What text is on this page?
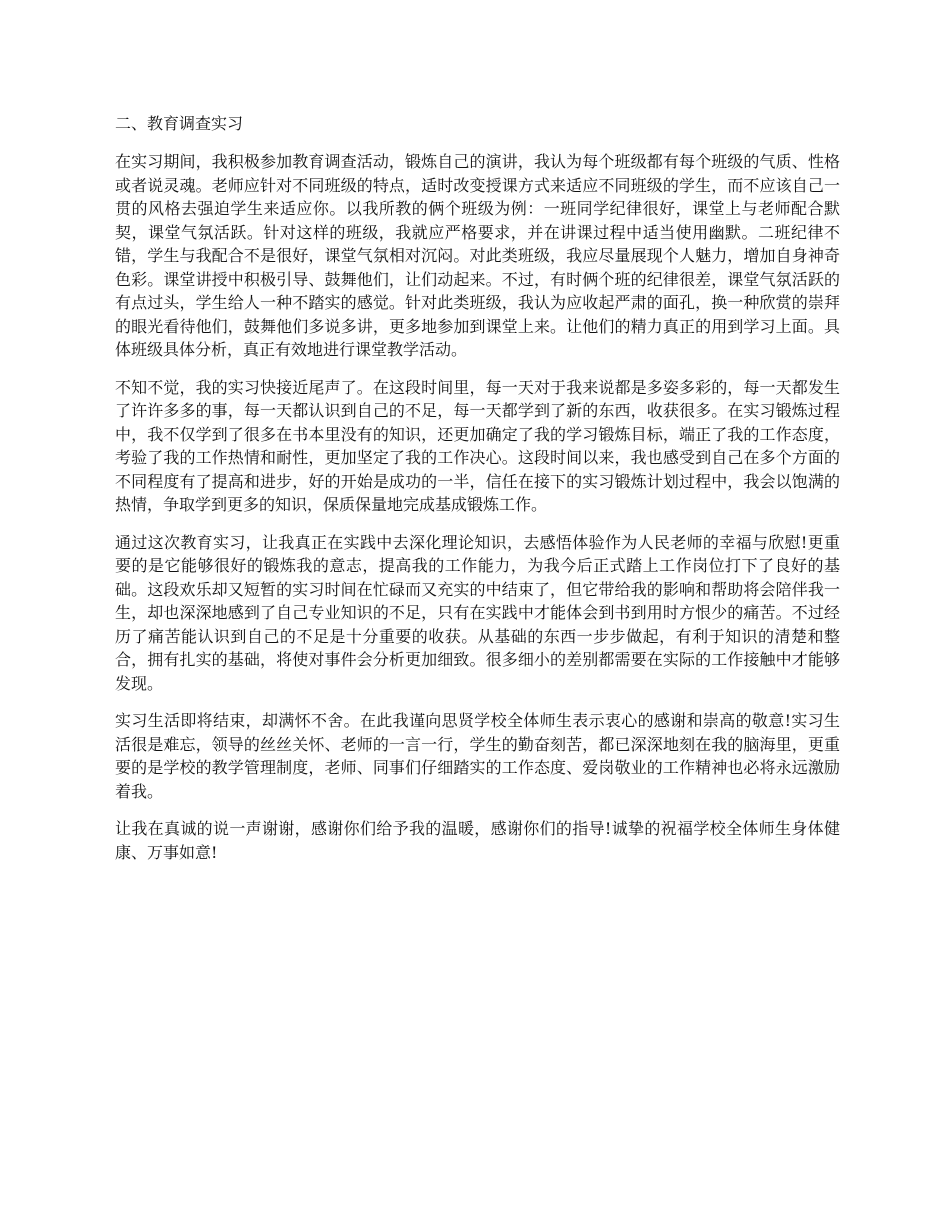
二、教育调查实习

在实习期间，我积极参加教育调查活动，锻炼自己的演讲，我认为每个班级都有每个班级的气质、性格或者说灵魂。老师应针对不同班级的特点，适时改变授课方式来适应不同班级的学生，而不应该自己一贯的风格去强迫学生来适应你。以我所教的俩个班级为例：一班同学纪律很好，课堂上与老师配合默契，课堂气氛活跃。针对这样的班级，我就应严格要求，并在讲课过程中适当使用幽默。二班纪律不错，学生与我配合不是很好，课堂气氛相对沉闷。对此类班级，我应尽量展现个人魅力，增加自身神奇色彩。课堂讲授中积极引导、鼓舞他们，让们动起来。不过，有时俩个班的纪律很差，课堂气氛活跃的有点过头，学生给人一种不踏实的感觉。针对此类班级，我认为应收起严肃的面孔，换一种欣赏的崇拜的眼光看待他们，鼓舞他们多说多讲，更多地参加到课堂上来。让他们的精力真正的用到学习上面。具体班级具体分析，真正有效地进行课堂教学活动。

不知不觉，我的实习快接近尾声了。在这段时间里，每一天对于我来说都是多姿多彩的，每一天都发生了许许多多的事，每一天都认识到自己的不足，每一天都学到了新的东西，收获很多。在实习锻炼过程中，我不仅学到了很多在书本里没有的知识，还更加确定了我的学习锻炼目标，端正了我的工作态度，考验了我的工作热情和耐性，更加坚定了我的工作决心。这段时间以来，我也感受到自己在多个方面的不同程度有了提高和进步，好的开始是成功的一半，信任在接下的实习锻炼计划过程中，我会以饱满的热情，争取学到更多的知识，保质保量地完成基成锻炼工作。

通过这次教育实习，让我真正在实践中去深化理论知识，去感悟体验作为人民老师的幸福与欣慰!更重要的是它能够很好的锻炼我的意志，提高我的工作能力，为我今后正式踏上工作岗位打下了良好的基础。这段欢乐却又短暂的实习时间在忙碌而又充实的中结束了，但它带给我的影响和帮助将会陪伴我一生，却也深深地感到了自己专业知识的不足，只有在实践中才能体会到书到用时方恨少的痛苦。不过经历了痛苦能认识到自己的不足是十分重要的收获。从基础的东西一步步做起，有利于知识的清楚和整合，拥有扎实的基础，将使对事件会分析更加细致。很多细小的差别都需要在实际的工作接触中才能够发现。

实习生活即将结束，却满怀不舍。在此我谨向思贤学校全体师生表示衷心的感谢和崇高的敬意!实习生活很是难忘，领导的丝丝关怀、老师的一言一行，学生的勤奋刻苦，都已深深地刻在我的脑海里，更重要的是学校的教学管理制度，老师、同事们仔细踏实的工作态度、爱岗敬业的工作精神也必将永远激励着我。

让我在真诚的说一声谢谢，感谢你们给予我的温暖，感谢你们的指导!诚挚的祝福学校全体师生身体健康、万事如意!
